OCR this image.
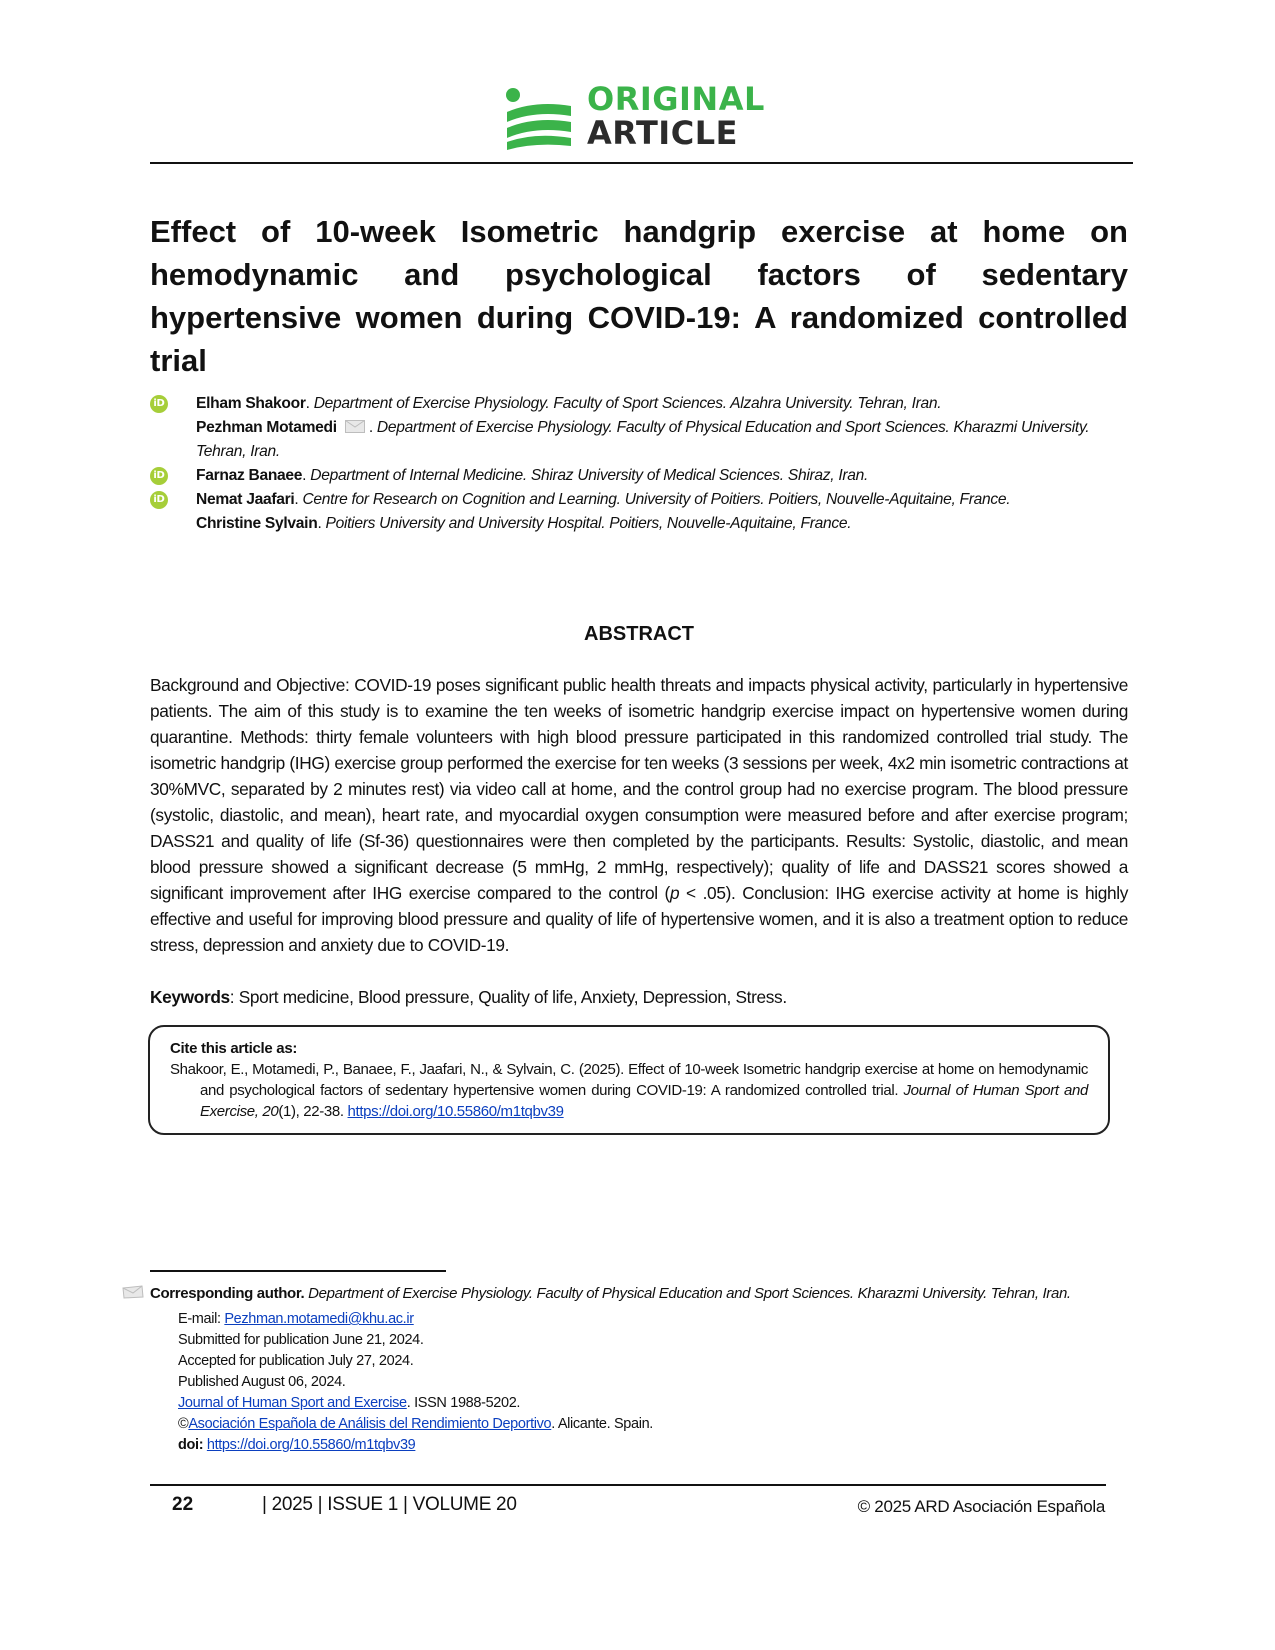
ORIGINAL
ARTICLE
Effect of 10-week Isometric handgrip exercise at home on hemodynamic and psychological factors of sedentary hypertensive women during COVID-19: A randomized controlled trial
iD Elham Shakoor. Department of Exercise Physiology. Faculty of Sport Sciences. Alzahra University. Tehran, Iran.
Pezhman Motamedi . Department of Exercise Physiology. Faculty of Physical Education and Sport Sciences. Kharazmi University. Tehran, Iran.
iD Farnaz Banaee. Department of Internal Medicine. Shiraz University of Medical Sciences. Shiraz, Iran.
iD Nemat Jaafari. Centre for Research on Cognition and Learning. University of Poitiers. Poitiers, Nouvelle-Aquitaine, France.
Christine Sylvain. Poitiers University and University Hospital. Poitiers, Nouvelle-Aquitaine, France.
ABSTRACT

Background and Objective: COVID-19 poses significant public health threats and impacts physical activity, particularly in hypertensive patients. The aim of this study is to examine the ten weeks of isometric handgrip exercise impact on hypertensive women during quarantine. Methods: thirty female volunteers with high blood pressure participated in this randomized controlled trial study. The isometric handgrip (IHG) exercise group performed the exercise for ten weeks (3 sessions per week, 4x2 min isometric contractions at 30%MVC, separated by 2 minutes rest) via video call at home, and the control group had no exercise program. The blood pressure (systolic, diastolic, and mean), heart rate, and myocardial oxygen consumption were measured before and after exercise program; DASS21 and quality of life (Sf-36) questionnaires were then completed by the participants. Results: Systolic, diastolic, and mean blood pressure showed a significant decrease (5 mmHg, 2 mmHg, respectively); quality of life and DASS21 scores showed a significant improvement after IHG exercise compared to the control (p < .05). Conclusion: IHG exercise activity at home is highly effective and useful for improving blood pressure and quality of life of hypertensive women, and it is also a treatment option to reduce stress, depression and anxiety due to COVID-19.

Keywords: Sport medicine, Blood pressure, Quality of life, Anxiety, Depression, Stress.

Cite this article as:
Shakoor, E., Motamedi, P., Banaee, F., Jaafari, N., & Sylvain, C. (2025). Effect of 10-week Isometric handgrip exercise at home on hemodynamic and psychological factors of sedentary hypertensive women during COVID-19: A randomized controlled trial. Journal of Human Sport and Exercise, 20(1), 22-38. https://doi.org/10.55860/m1tqbv39
Corresponding author. Department of Exercise Physiology. Faculty of Physical Education and Sport Sciences. Kharazmi University. Tehran, Iran.
E-mail: Pezhman.motamedi@khu.ac.ir
Submitted for publication June 21, 2024.
Accepted for publication July 27, 2024.
Published August 06, 2024.
Journal of Human Sport and Exercise. ISSN 1988-5202.
©Asociación Española de Análisis del Rendimiento Deportivo. Alicante. Spain.
doi: https://doi.org/10.55860/m1tqbv39
22	| 2025 | ISSUE 1 | VOLUME 20	© 2025 ARD Asociación Española
